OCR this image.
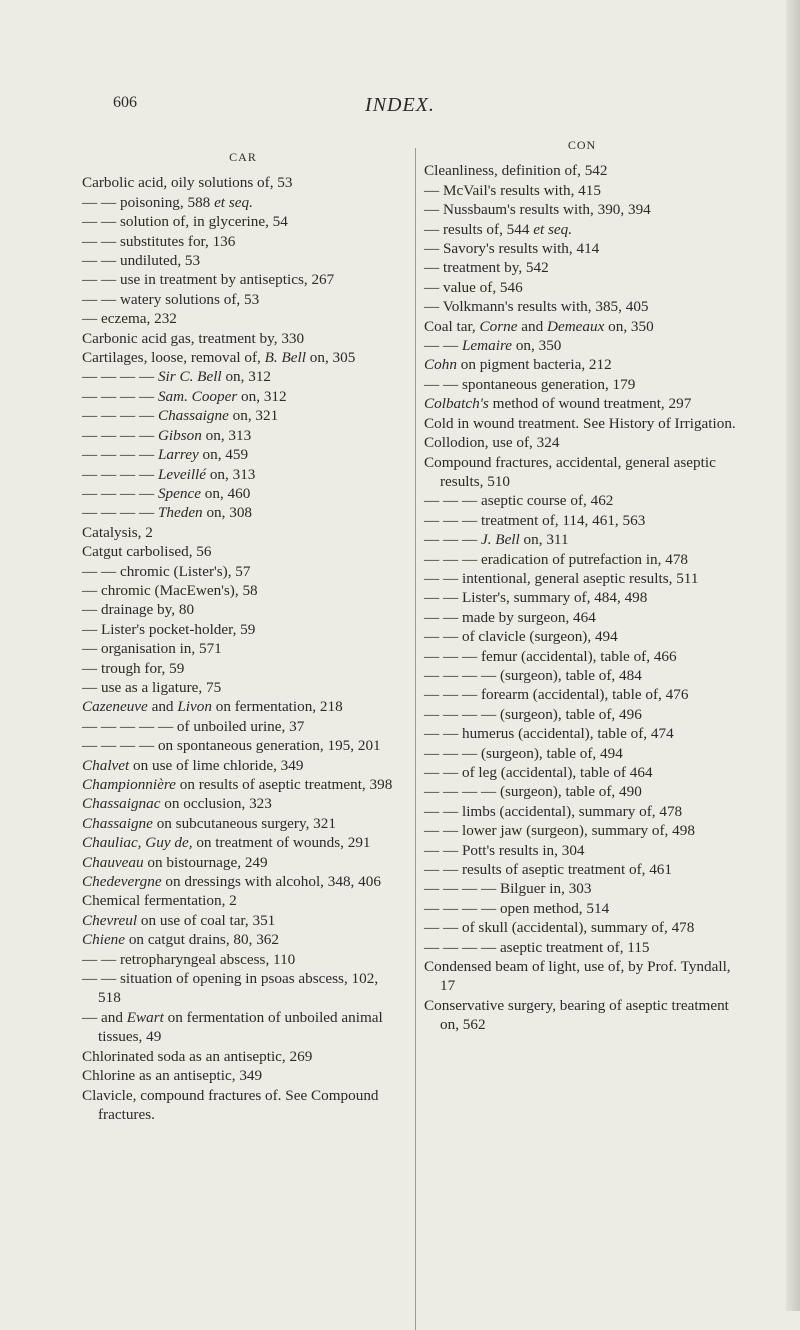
INDEX.
606
CAR
Carbolic acid, oily solutions of, 53
— — poisoning, 588 et seq.
— — solution of, in glycerine, 54
— — substitutes for, 136
— — undiluted, 53
— — use in treatment by antiseptics, 267
— — watery solutions of, 53
— eczema, 232
Carbonic acid gas, treatment by, 330
Cartilages, loose, removal of, B. Bell on, 305
— — — — Sir C. Bell on, 312
— — — — Sam. Cooper on, 312
— — — — Chassaigne on, 321
— — — — Gibson on, 313
— — — — Larrey on, 459
— — — — Leveillé on, 313
— — — — Spence on, 460
— — — — Theden on, 308
Catalysis, 2
Catgut carbolised, 56
— — chromic (Lister's), 57
— chromic (MacEwen's), 58
— drainage by, 80
— Lister's pocket-holder, 59
— organisation in, 571
— trough for, 59
— use as a ligature, 75
Cazeneuve and Livon on fermentation, 218
— — — — — of unboiled urine, 37
— — — — on spontaneous generation, 195, 201
Chalvet on use of lime chloride, 349
Championnière on results of aseptic treatment, 398
Chassaignac on occlusion, 323
Chassaigne on subcutaneous surgery, 321
Chauliac, Guy de, on treatment of wounds, 291
Chauveau on bistournage, 249
Chedevergne on dressings with alcohol, 348, 406
Chemical fermentation, 2
Chevreul on use of coal tar, 351
Chiene on catgut drains, 80, 362
— — retropharyngeal abscess, 110
— — situation of opening in psoas abscess, 102, 518
— and Ewart on fermentation of unboiled animal tissues, 49
Chlorinated soda as an antiseptic, 269
Chlorine as an antiseptic, 349
Clavicle, compound fractures of. See Compound fractures.
CON
Cleanliness, definition of, 542
— McVail's results with, 415
— Nussbaum's results with, 390, 394
— results of, 544 et seq.
— Savory's results with, 414
— treatment by, 542
— value of, 546
— Volkmann's results with, 385, 405
Coal tar, Corne and Demeaux on, 350
— — Lemaire on, 350
Cohn on pigment bacteria, 212
— — spontaneous generation, 179
Colbatch's method of wound treatment, 297
Cold in wound treatment. See History of Irrigation.
Collodion, use of, 324
Compound fractures, accidental, general aseptic results, 510
— — — aseptic course of, 462
— — — treatment of, 114, 461, 563
— — — J. Bell on, 311
— — — eradication of putrefaction in, 478
— — intentional, general aseptic results, 511
— — Lister's, summary of, 484, 498
— — made by surgeon, 464
— — of clavicle (surgeon), 494
— — — femur (accidental), table of, 466
— — — — (surgeon), table of, 484
— — — forearm (accidental), table of, 476
— — — — (surgeon), table of, 496
— — humerus (accidental), table of, 474
— — — (surgeon), table of, 494
— — of leg (accidental), table of 464
— — — — (surgeon), table of, 490
— — limbs (accidental), summary of, 478
— — lower jaw (surgeon), summary of, 498
— — Pott's results in, 304
— — results of aseptic treatment of, 461
— — — — Bilguer in, 303
— — — — open method, 514
— — of skull (accidental), summary of, 478
— — — — aseptic treatment of, 115
Condensed beam of light, use of, by Prof. Tyndall, 17
Conservative surgery, bearing of aseptic treatment on, 562
